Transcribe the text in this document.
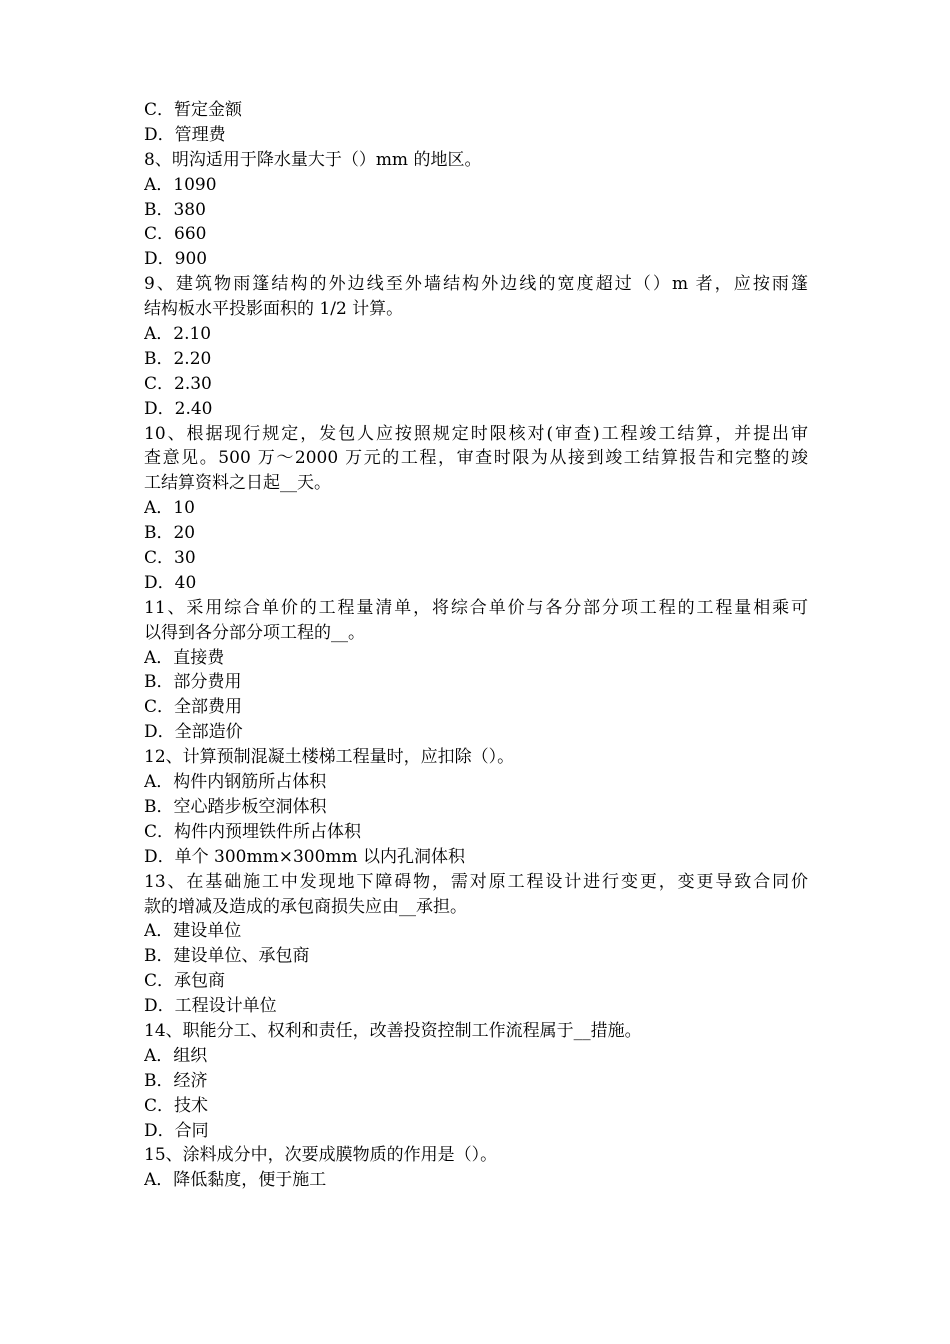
C．暂定金额
D．管理费
8、明沟适用于降水量大于（）mm 的地区。
A．1090
B．380
C．660
D．900
9、建筑物雨篷结构的外边线至外墙结构外边线的宽度超过（）m 者，应按雨篷
结构板水平投影面积的 1/2 计算。
A．2.10
B．2.20
C．2.30
D．2.40
10、根据现行规定，发包人应按照规定时限核对(审查)工程竣工结算，并提出审
查意见。500 万～2000 万元的工程，审查时限为从接到竣工结算报告和完整的竣
工结算资料之日起__天。
A．10
B．20
C．30
D．40
11、采用综合单价的工程量清单，将综合单价与各分部分项工程的工程量相乘可
以得到各分部分项工程的__。
A．直接费
B．部分费用
C．全部费用
D．全部造价
12、计算预制混凝土楼梯工程量时，应扣除（）。
A．构件内钢筋所占体积
B．空心踏步板空洞体积
C．构件内预埋铁件所占体积
D．单个 300mm×300mm 以内孔洞体积
13、在基础施工中发现地下障碍物，需对原工程设计进行变更，变更导致合同价
款的增减及造成的承包商损失应由__承担。
A．建设单位
B．建设单位、承包商
C．承包商
D．工程设计单位
14、职能分工、权利和责任，改善投资控制工作流程属于__措施。
A．组织
B．经济
C．技术
D．合同
15、涂料成分中，次要成膜物质的作用是（）。
A．降低黏度，便于施工
